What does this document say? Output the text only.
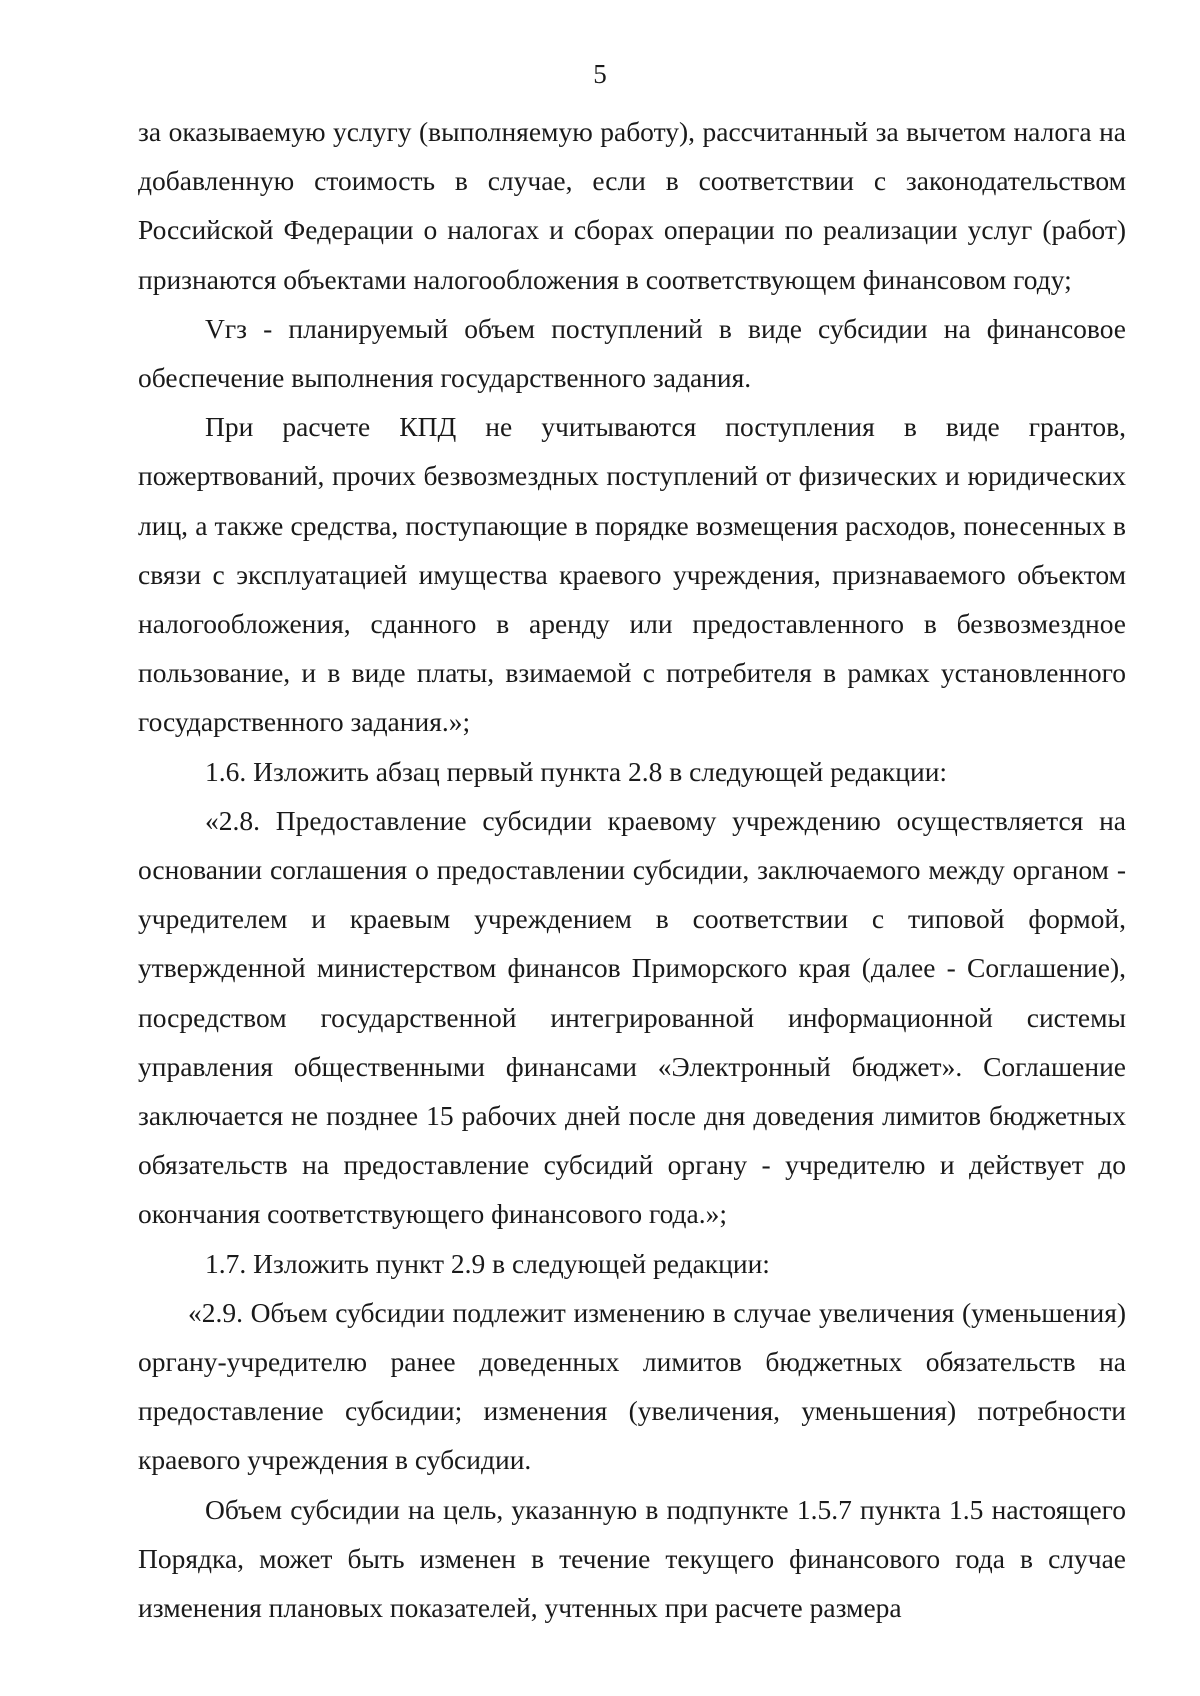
5

за оказываемую услугу (выполняемую работу), рассчитанный за вычетом налога на добавленную стоимость в случае, если в соответствии с законодательством Российской Федерации о налогах и сборах операции по реализации услуг (работ) признаются объектами налогообложения в соответствующем финансовом году;

Vгз - планируемый объем поступлений в виде субсидии на финансовое обеспечение выполнения государственного задания.

При расчете КПД не учитываются поступления в виде грантов, пожертвований, прочих безвозмездных поступлений от физических и юридических лиц, а также средства, поступающие в порядке возмещения расходов, понесенных в связи с эксплуатацией имущества краевого учреждения, признаваемого объектом налогообложения, сданного в аренду или предоставленного в безвозмездное пользование, и в виде платы, взимаемой с потребителя в рамках установленного государственного задания.»;

1.6. Изложить абзац первый пункта 2.8 в следующей редакции:

«2.8. Предоставление субсидии краевому учреждению осуществляется на основании соглашения о предоставлении субсидии, заключаемого между органом - учредителем и краевым учреждением в соответствии с типовой формой, утвержденной министерством финансов Приморского края (далее - Соглашение), посредством государственной интегрированной информационной системы управления общественными финансами «Электронный бюджет». Соглашение заключается не позднее 15 рабочих дней после дня доведения лимитов бюджетных обязательств на предоставление субсидий органу - учредителю и действует до окончания соответствующего финансового года.»;

1.7. Изложить пункт 2.9 в следующей редакции:

«2.9. Объем субсидии подлежит изменению в случае увеличения (уменьшения) органу-учредителю ранее доведенных лимитов бюджетных обязательств на предоставление субсидии; изменения (увеличения, уменьшения) потребности краевого учреждения в субсидии.

Объем субсидии на цель, указанную в подпункте 1.5.7 пункта 1.5 настоящего Порядка, может быть изменен в течение текущего финансового года в случае изменения плановых показателей, учтенных при расчете размера
